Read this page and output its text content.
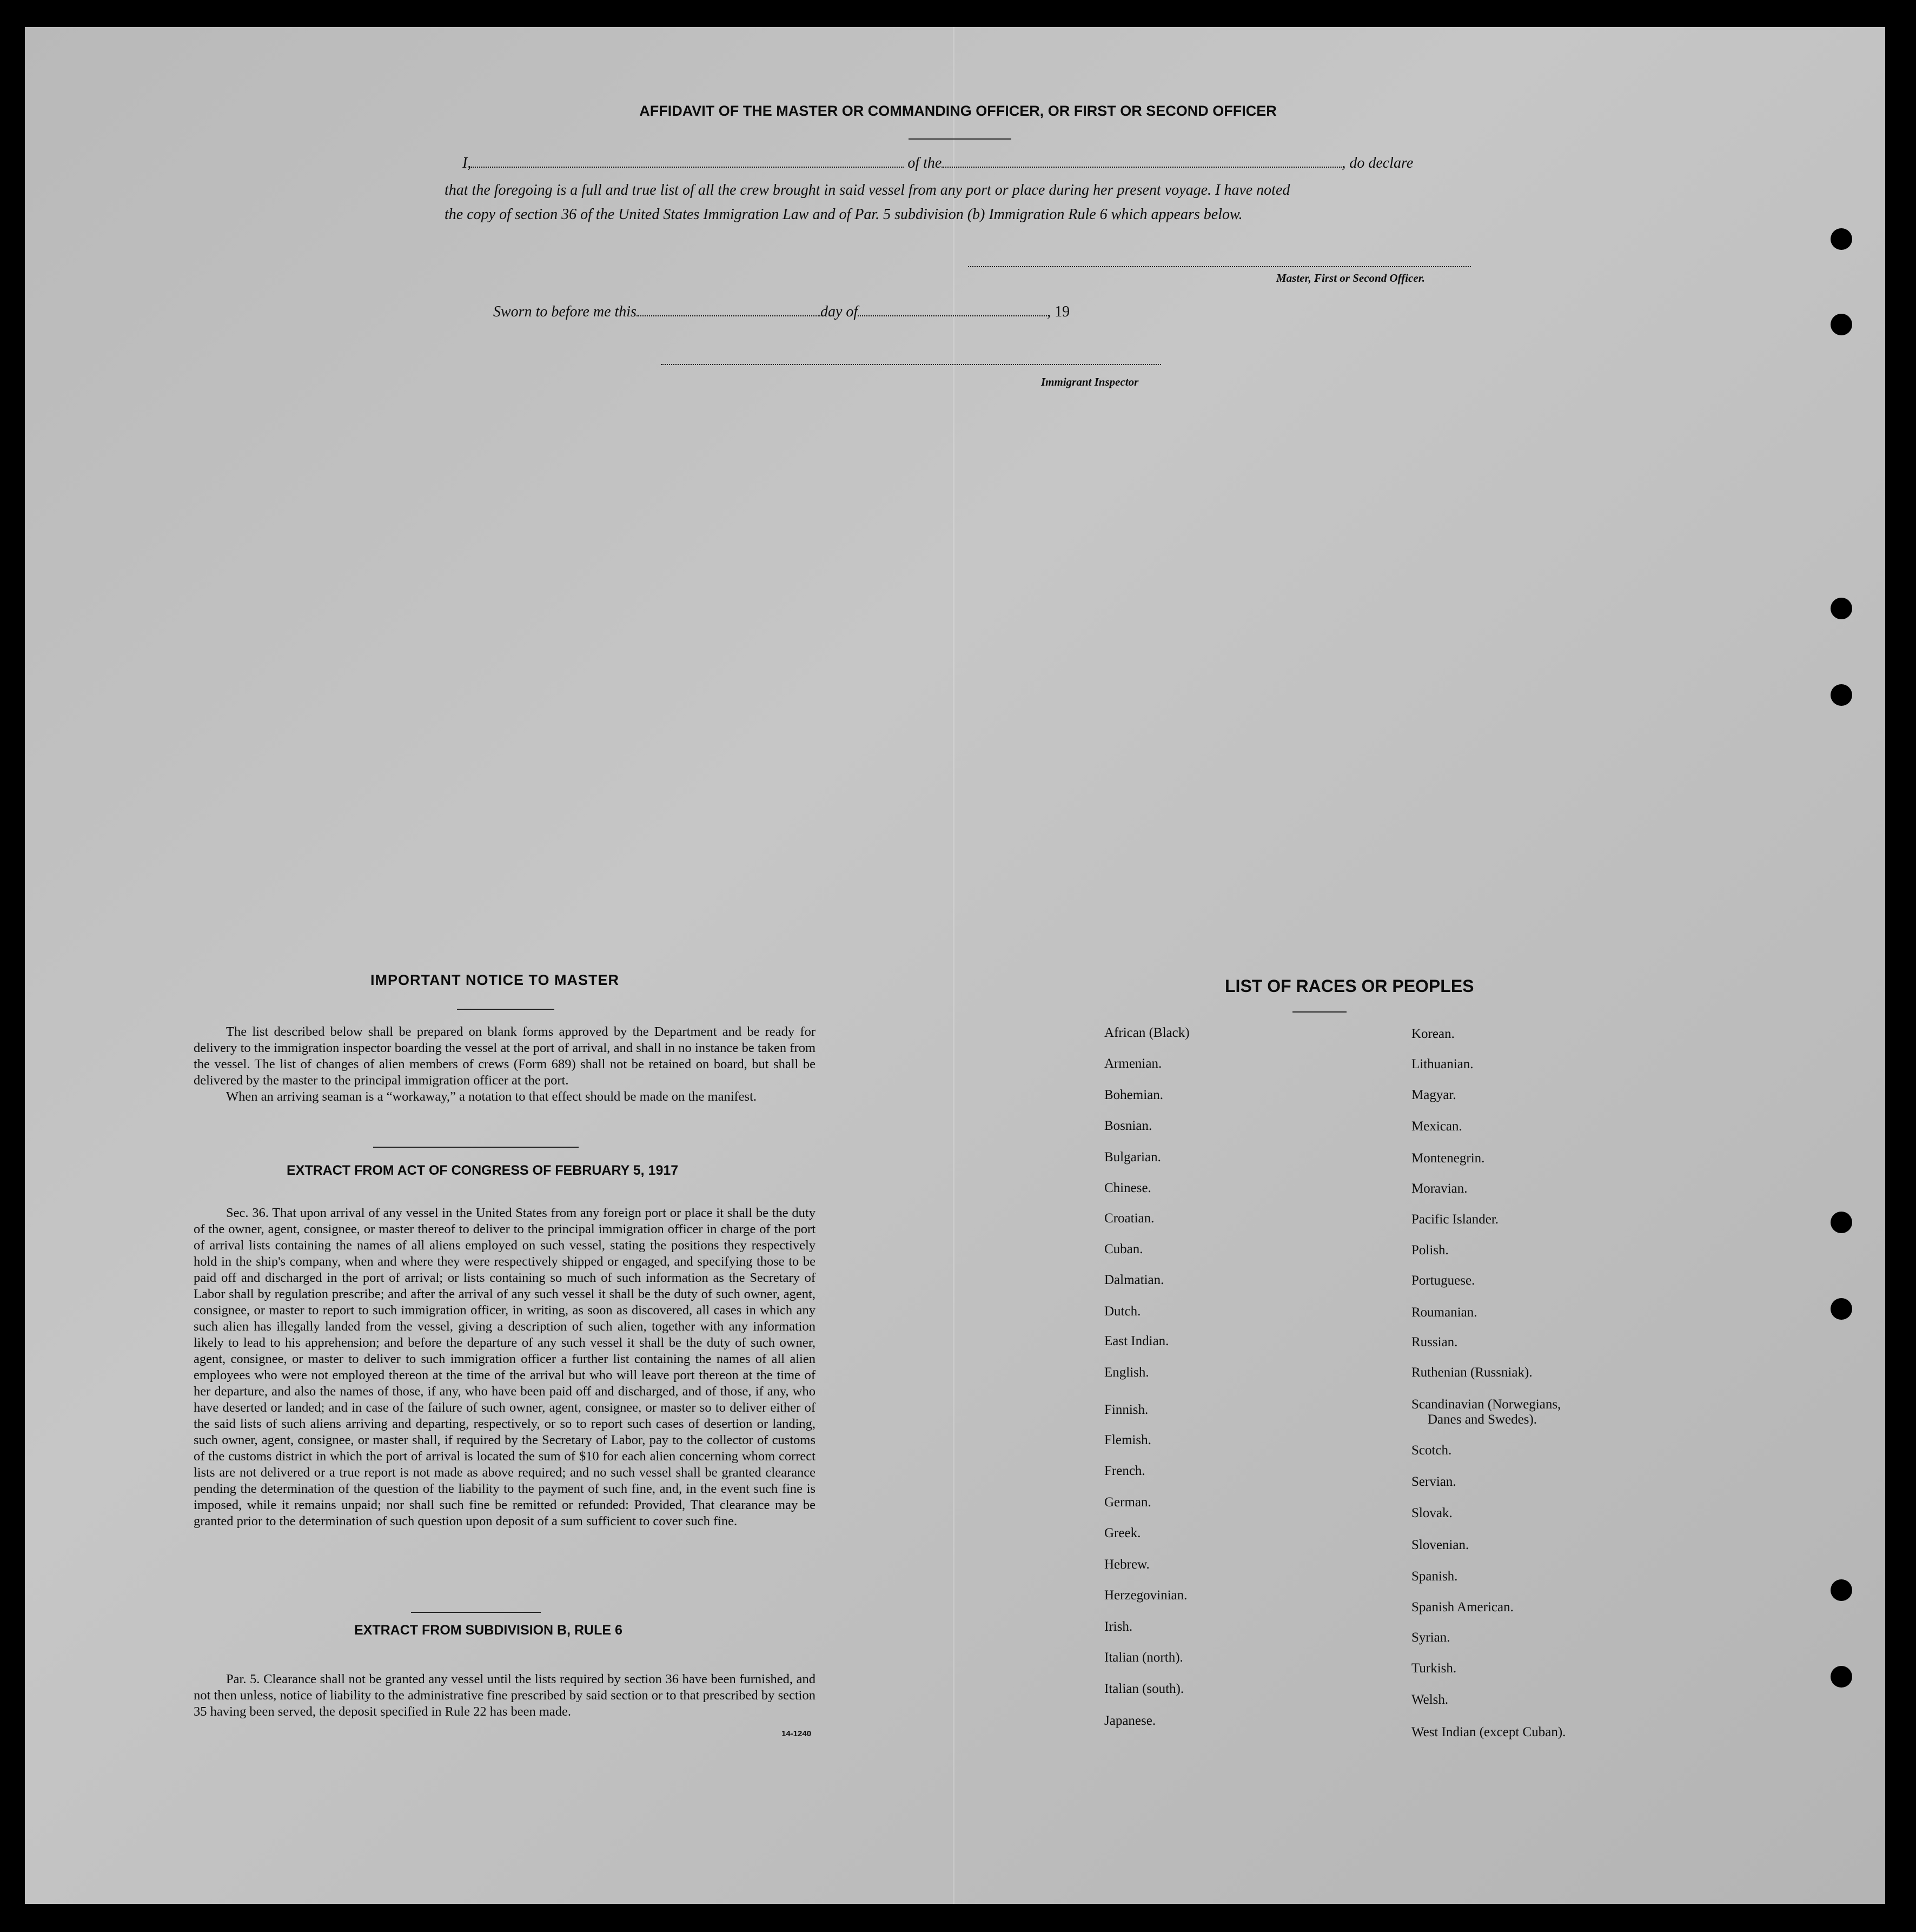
AFFIDAVIT OF THE MASTER OR COMMANDING OFFICER, OR FIRST OR SECOND OFFICER
I,	of the	, do declare
that the foregoing is a full and true list of all the crew brought in said vessel from any port or place during her present voyage. I have noted
the copy of section 36 of the United States Immigration Law and of Par. 5 subdivision (b) Immigration Rule 6 which appears below.
Master, First or Second Officer.
Sworn to before me this	day of	, 19
Immigrant Inspector
IMPORTANT NOTICE TO MASTER

The list described below shall be prepared on blank forms approved by the Department and be ready for delivery to the immigration inspector boarding the vessel at the port of arrival, and shall in no instance be taken from the vessel. The list of changes of alien members of crews (Form 689) shall not be retained on board, but shall be delivered by the master to the principal immigration officer at the port.

When an arriving seaman is a “workaway,” a notation to that effect should be made on the manifest.

EXTRACT FROM ACT OF CONGRESS OF FEBRUARY 5, 1917

Sec. 36. That upon arrival of any vessel in the United States from any foreign port or place it shall be the duty of the owner, agent, consignee, or master thereof to deliver to the principal immigration officer in charge of the port of arrival lists containing the names of all aliens employed on such vessel, stating the positions they respectively hold in the ship's company, when and where they were respectively shipped or engaged, and specifying those to be paid off and discharged in the port of arrival; or lists containing so much of such information as the Secretary of Labor shall by regulation prescribe; and after the arrival of any such vessel it shall be the duty of such owner, agent, consignee, or master to report to such immigration officer, in writing, as soon as discovered, all cases in which any such alien has illegally landed from the vessel, giving a description of such alien, together with any information likely to lead to his apprehension; and before the departure of any such vessel it shall be the duty of such owner, agent, consignee, or master to deliver to such immigration officer a further list containing the names of all alien employees who were not employed thereon at the time of the arrival but who will leave port thereon at the time of her departure, and also the names of those, if any, who have been paid off and discharged, and of those, if any, who have deserted or landed; and in case of the failure of such owner, agent, consignee, or master so to deliver either of the said lists of such aliens arriving and departing, respectively, or so to report such cases of desertion or landing, such owner, agent, consignee, or master shall, if required by the Secretary of Labor, pay to the collector of customs of the customs district in which the port of arrival is located the sum of $10 for each alien concerning whom correct lists are not delivered or a true report is not made as above required; and no such vessel shall be granted clearance pending the determination of the question of the liability to the payment of such fine, and, in the event such fine is imposed, while it remains unpaid; nor shall such fine be remitted or refunded: Provided, That clearance may be granted prior to the determination of such question upon deposit of a sum sufficient to cover such fine.

EXTRACT FROM SUBDIVISION B, RULE 6

Par. 5. Clearance shall not be granted any vessel until the lists required by section 36 have been furnished, and not then unless, notice of liability to the administrative fine prescribed by said section or to that prescribed by section 35 having been served, the deposit specified in Rule 22 has been made.

14-1240
LIST OF RACES OR PEOPLES
African (Black)
Armenian.
Bohemian.
Bosnian.
Bulgarian.
Chinese.
Croatian.
Cuban.
Dalmatian.
Dutch.
East Indian.
English.
Finnish.
Flemish.
French.
German.
Greek.
Hebrew.
Herzegovinian.
Irish.
Italian (north).
Italian (south).
Japanese.
Korean.
Lithuanian.
Magyar.
Mexican.
Montenegrin.
Moravian.
Pacific Islander.
Polish.
Portuguese.
Roumanian.
Russian.
Ruthenian (Russniak).
Scandinavian (Norwegians,
Danes and Swedes).
Scotch.
Servian.
Slovak.
Slovenian.
Spanish.
Spanish American.
Syrian.
Turkish.
Welsh.
West Indian (except Cuban).
